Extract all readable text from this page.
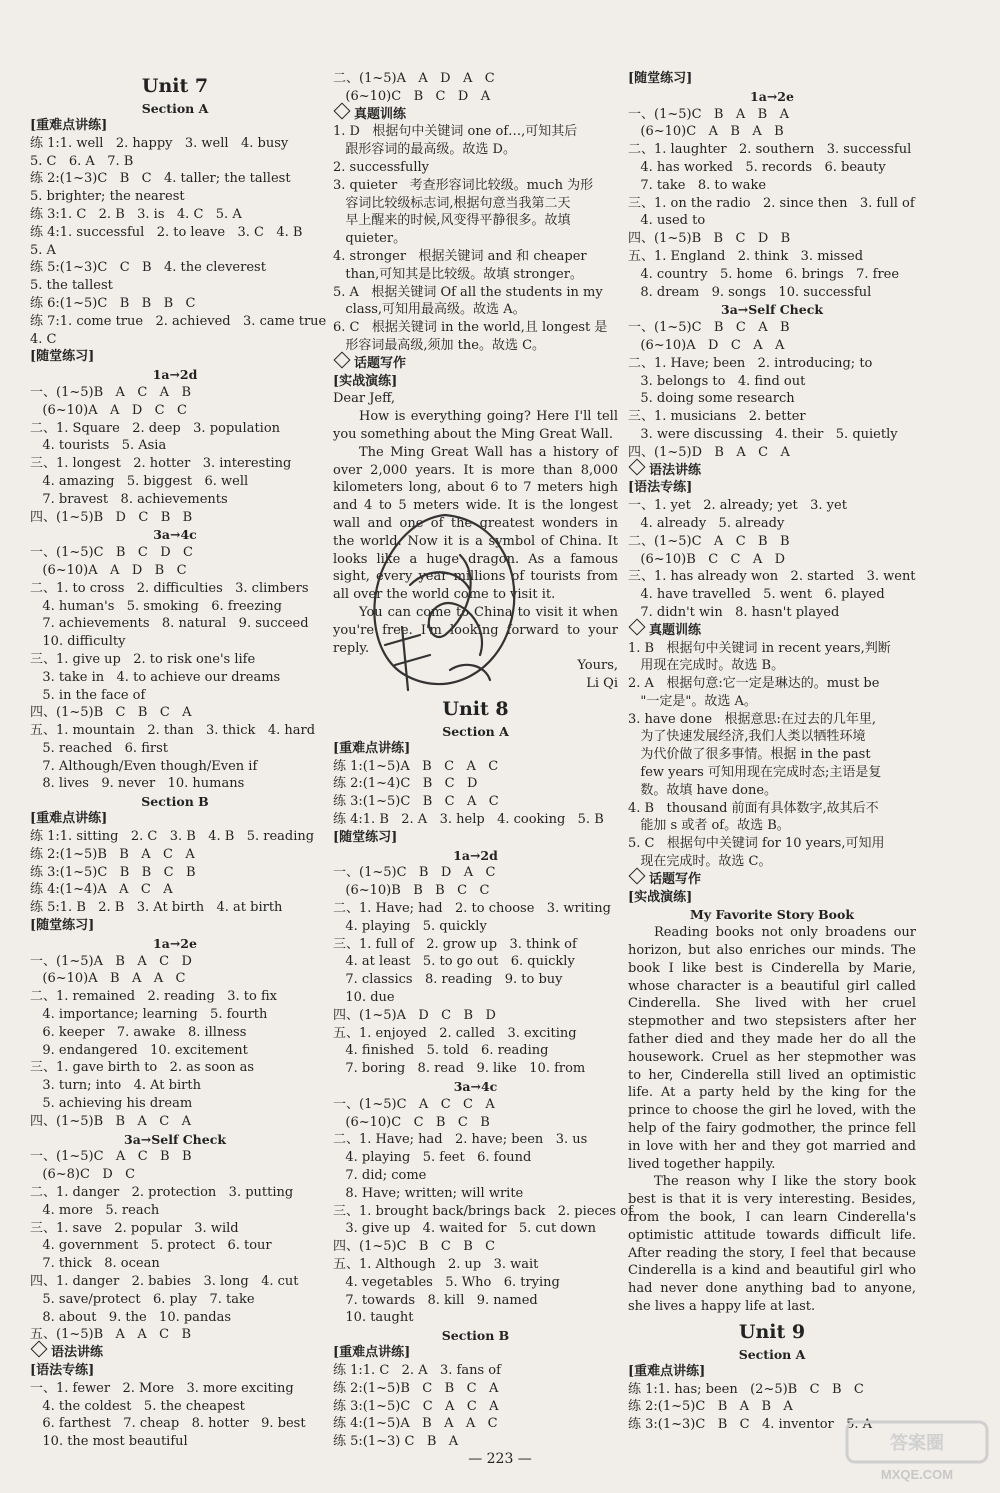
Unit 7
Section A
[重难点讲练]
练 1:1. well   2. happy   3. well   4. busy
5. C   6. A   7. B
练 2:(1~3)C   B   C   4. taller; the tallest
5. brighter; the nearest
练 3:1. C   2. B   3. is   4. C   5. A
练 4:1. successful   2. to leave   3. C   4. B
5. A
练 5:(1~3)C   C   B   4. the cleverest
5. the tallest
练 6:(1~5)C   B   B   B   C
练 7:1. come true   2. achieved   3. came true
4. C
[随堂练习]
1a→2d
一、(1~5)B   A   C   A   B
(6~10)A   A   D   C   C
二、1. Square   2. deep   3. population
4. tourists   5. Asia
三、1. longest   2. hotter   3. interesting
4. amazing   5. biggest   6. well
7. bravest   8. achievements
四、(1~5)B   D   C   B   B
3a→4c
一、(1~5)C   B   C   D   C
(6~10)A   A   D   B   C
二、1. to cross   2. difficulties   3. climbers
4. human's   5. smoking   6. freezing
7. achievements   8. natural   9. succeed
10. difficulty
三、1. give up   2. to risk one's life
3. take in   4. to achieve our dreams
5. in the face of
四、(1~5)B   C   B   C   A
五、1. mountain   2. than   3. thick   4. hard
5. reached   6. first
7. Although/Even though/Even if
8. lives   9. never   10. humans
Section B
[重难点讲练]
练 1:1. sitting   2. C   3. B   4. B   5. reading
练 2:(1~5)B   B   A   C   A
练 3:(1~5)C   B   B   C   B
练 4:(1~4)A   A   C   A
练 5:1. B   2. B   3. At birth   4. at birth
[随堂练习]
1a→2e
一、(1~5)A   B   A   C   D
(6~10)A   B   A   A   C
二、1. remained   2. reading   3. to fix
4. importance; learning   5. fourth
6. keeper   7. awake   8. illness
9. endangered   10. excitement
三、1. gave birth to   2. as soon as
3. turn; into   4. At birth
5. achieving his dream
四、(1~5)B   B   A   C   A
3a→Self Check
一、(1~5)C   A   C   B   B
(6~8)C   D   C
二、1. danger   2. protection   3. putting
4. more   5. reach
三、1. save   2. popular   3. wild
4. government   5. protect   6. tour
7. thick   8. ocean
四、1. danger   2. babies   3. long   4. cut
5. save/protect   6. play   7. take
8. about   9. the   10. pandas
五、(1~5)B   A   A   C   B
语法讲练
[语法专练]
一、1. fewer   2. More   3. more exciting
4. the coldest   5. the cheapest
6. farthest   7. cheap   8. hotter   9. best
10. the most beautiful
二、(1~5)A   A   D   A   C
(6~10)C   B   C   D   A
真题训练
1. D   根据句中关键词 one of…,可知其后
跟形容词的最高级。故选 D。
2. successfully
3. quieter   考查形容词比较级。much 为形
容词比较级标志词,根据句意当我第二天
早上醒来的时候,风变得平静很多。故填
quieter。
4. stronger   根据关键词 and 和 cheaper
than,可知其是比较级。故填 stronger。
5. A   根据关键词 Of all the students in my
class,可知用最高级。故选 A。
6. C   根据关键词 in the world,且 longest 是
形容词最高级,须加 the。故选 C。
话题写作
[实战演练]
Dear Jeff,
  How is everything going? Here I'll tell you something about the Ming Great Wall.
  The Ming Great Wall has a history of over 2,000 years. It is more than 8,000 kilometers long, about 6 to 7 meters high and 4 to 5 meters wide. It is the longest wall and one of the greatest wonders in the world. Now it is a symbol of China. It looks like a huge dragon. As a famous sight, every year millions of tourists from all over the world come to visit it.
  You can come to China to visit it when you're free. I'm looking forward to your reply.
Yours,
Li Qi
Unit 8
Section A
[重难点讲练]
练 1:(1~5)A   B   C   A   C
练 2:(1~4)C   B   C   D
练 3:(1~5)C   B   C   A   C
练 4:1. B   2. A   3. help   4. cooking   5. B
[随堂练习]
1a→2d
一、(1~5)C   B   D   A   C
(6~10)B   B   B   C   C
二、1. Have; had   2. to choose   3. writing
4. playing   5. quickly
三、1. full of   2. grow up   3. think of
4. at least   5. to go out   6. quickly
7. classics   8. reading   9. to buy
10. due
四、(1~5)A   D   C   B   D
五、1. enjoyed   2. called   3. exciting
4. finished   5. told   6. reading
7. boring   8. read   9. like   10. from
3a→4c
一、(1~5)C   A   C   C   A
(6~10)C   C   B   C   B
二、1. Have; had   2. have; been   3. us
4. playing   5. feet   6. found
7. did; come
8. Have; written; will write
三、1. brought back/brings back   2. pieces of
3. give up   4. waited for   5. cut down
四、(1~5)C   B   C   B   C
五、1. Although   2. up   3. wait
4. vegetables   5. Who   6. trying
7. towards   8. kill   9. named
10. taught
Section B
[重难点讲练]
练 1:1. C   2. A   3. fans of
练 2:(1~5)B   C   B   C   A
练 3:(1~5)C   C   A   C   A
练 4:(1~5)A   B   A   A   C
练 5:(1~3) C   B   A
[随堂练习]
1a→2e
一、(1~5)C   B   A   B   A
(6~10)C   A   B   A   B
二、1. laughter   2. southern   3. successful
4. has worked   5. records   6. beauty
7. take   8. to wake
三、1. on the radio   2. since then   3. full of
4. used to
四、(1~5)B   B   C   D   B
五、1. England   2. think   3. missed
4. country   5. home   6. brings   7. free
8. dream   9. songs   10. successful
3a→Self Check
一、(1~5)C   B   C   A   B
(6~10)A   D   C   A   A
二、1. Have; been   2. introducing; to
3. belongs to   4. find out
5. doing some research
三、1. musicians   2. better
3. were discussing   4. their   5. quietly
四、(1~5)D   B   A   C   A
语法讲练
[语法专练]
一、1. yet   2. already; yet   3. yet
4. already   5. already
二、(1~5)C   A   C   B   B
(6~10)B   C   C   A   D
三、1. has already won   2. started   3. went
4. have travelled   5. went   6. played
7. didn't win   8. hasn't played
真题训练
1. B   根据句中关键词 in recent years,判断
用现在完成时。故选 B。
2. A   根据句意:它一定是琳达的。must be
"一定是"。故选 A。
3. have done   根据意思:在过去的几年里,
为了快速发展经济,我们人类以牺牲环境
为代价做了很多事情。根据 in the past
few years 可知用现在完成时态;主语是复
数。故填 have done。
4. B   thousand 前面有具体数字,故其后不
能加 s 或者 of。故选 B。
5. C   根据句中关键词 for 10 years,可知用
现在完成时。故选 C。
话题写作
[实战演练]
My Favorite Story Book
  Reading books not only broadens our horizon, but also enriches our minds. The book I like best is Cinderella by Marie, whose character is a beautiful girl called Cinderella. She lived with her cruel stepmother and two stepsisters after her father died and they made her do all the housework. Cruel as her stepmother was to her, Cinderella still lived an optimistic life. At a party held by the king for the prince to choose the girl he loved, with the help of the fairy godmother, the prince fell in love with her and they got married and lived together happily.
  The reason why I like the story book best is that it is very interesting. Besides, from the book, I can learn Cinderella's optimistic attitude towards difficult life. After reading the story, I feel that because Cinderella is a kind and beautiful girl who had never done anything bad to anyone, she lives a happy life at last.
Unit 9
Section A
[重难点讲练]
练 1:1. has; been   (2~5)B   C   B   C
练 2:(1~5)C   B   A   B   A
练 3:(1~3)C   B   C   4. inventor   5. A
答案圈
MXQE.COM
— 223 —
